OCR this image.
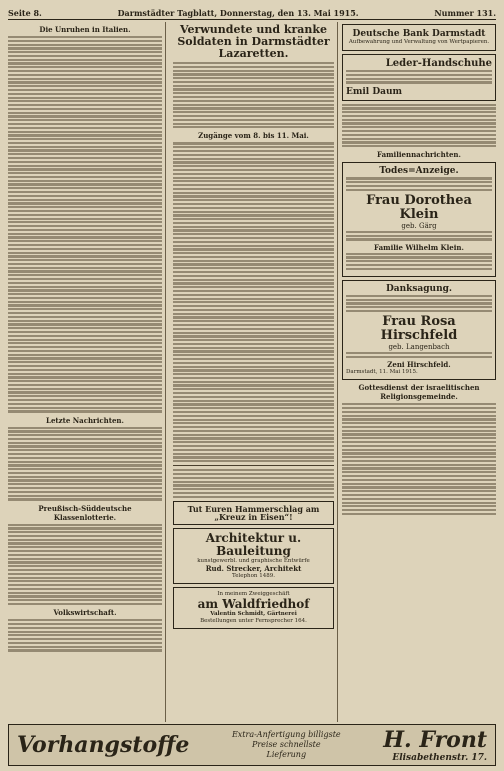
Seite 8.	Darmstädter Tagblatt, Donnerstag, den 13. Mai 1915.	Nummer 131.
Die Unruhen in Italien.
Letzte Nachrichten.
Preußisch-Süddeutsche Klassenlotterie.
Volkswirtschaft.
Verwundete und kranke Soldaten in Darmstädter Lazaretten.
Zugänge vom 8. bis 11. Mai.
Tut Euren Hammerschlag am „Kreuz in Eisen“!
Architektur u. Bauleitung
kunstgewerbl. und graphische Entwürfe
Rud. Strecker, Architekt
Telephon 1489.
In meinem Zweiggeschäft
am Waldfriedhof
Valentin Schmidt, Gärtnerei
Bestellungen unter Fernsprecher 164.
Deutsche Bank Darmstadt
Aufbewahrung und Verwaltung von Wertpapieren.
Leder-Handschuhe
Emil Daum
Familiennachrichten.
Todes=Anzeige.
Frau Dorothea Klein
geb. Gärg
Familie Wilhelm Klein.
Danksagung.
Frau Rosa Hirschfeld
geb. Langenbach
Zeni Hirschfeld.
Darmstadt, 11. Mai 1915.
Gottesdienst der israelitischen Religionsgemeinde.
Vorhangstoffe	Extra-Anfertigung billigste Preise schnellste Lieferung
H. Front
Elisabethenstr. 17.
